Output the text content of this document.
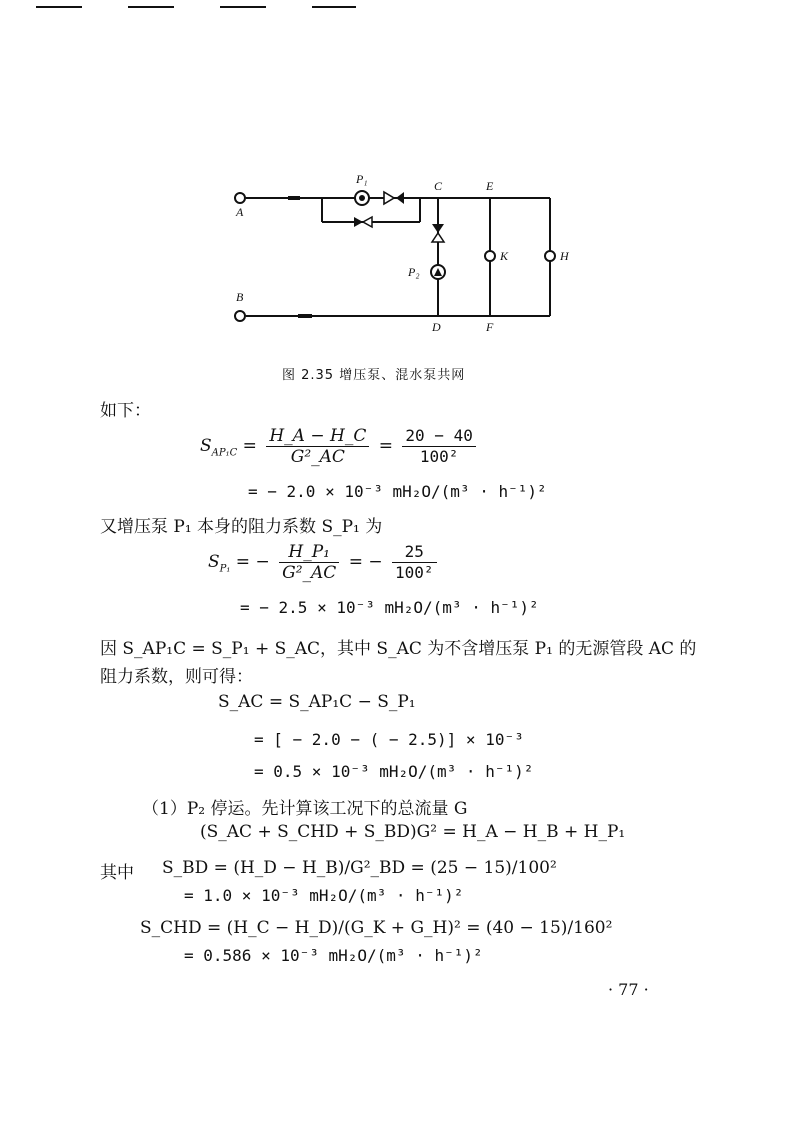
A
B
P₁	C	E
K	H
P₂
D	F
图 2.35 增压泵、混水泵共网
如下：
$S_{AP_1C} = \frac{H\_A - H\_C}{\text{G²\_AC}} = \frac{20 - 40}{\text{100²}}$
= − 2.0 × 10⁻³ mH₂O/(m³ · h⁻¹)²
又增压泵 P₁ 本身的阻力系数 S_P₁ 为
$S_{P_1}$ = − $\frac{\text{H\_P₁}}{\text{G²\_AC}}$ = − $\frac{25}{\text{100²}}$
= − 2.5 × 10⁻³ mH₂O/(m³ · h⁻¹)²
因 S_AP₁C = S_P₁ + S_AC，其中 S_AC 为不含增压泵 P₁ 的无源管段 AC 的
阻力系数，则可得：
S_AC = S_AP₁C − S_P₁
= [ − 2.0 − ( − 2.5)] × 10⁻³
= 0.5 × 10⁻³ mH₂O/(m³ · h⁻¹)²
（1）P₂ 停运。先计算该工况下的总流量 G
(S_AC + S_CHD + S_BD)G² = H_A − H_B + H_P₁
其中 S_BD = (H_D − H_B)/G²_BD = (25 − 15)/100²
= 1.0 × 10⁻³ mH₂O/(m³ · h⁻¹)²
S_CHD = (H_C − H_D)/(G_K + G_H)² = (40 − 15)/160²
= 0.586 × 10⁻³ mH₂O/(m³ · h⁻¹)²
· 77 ·
